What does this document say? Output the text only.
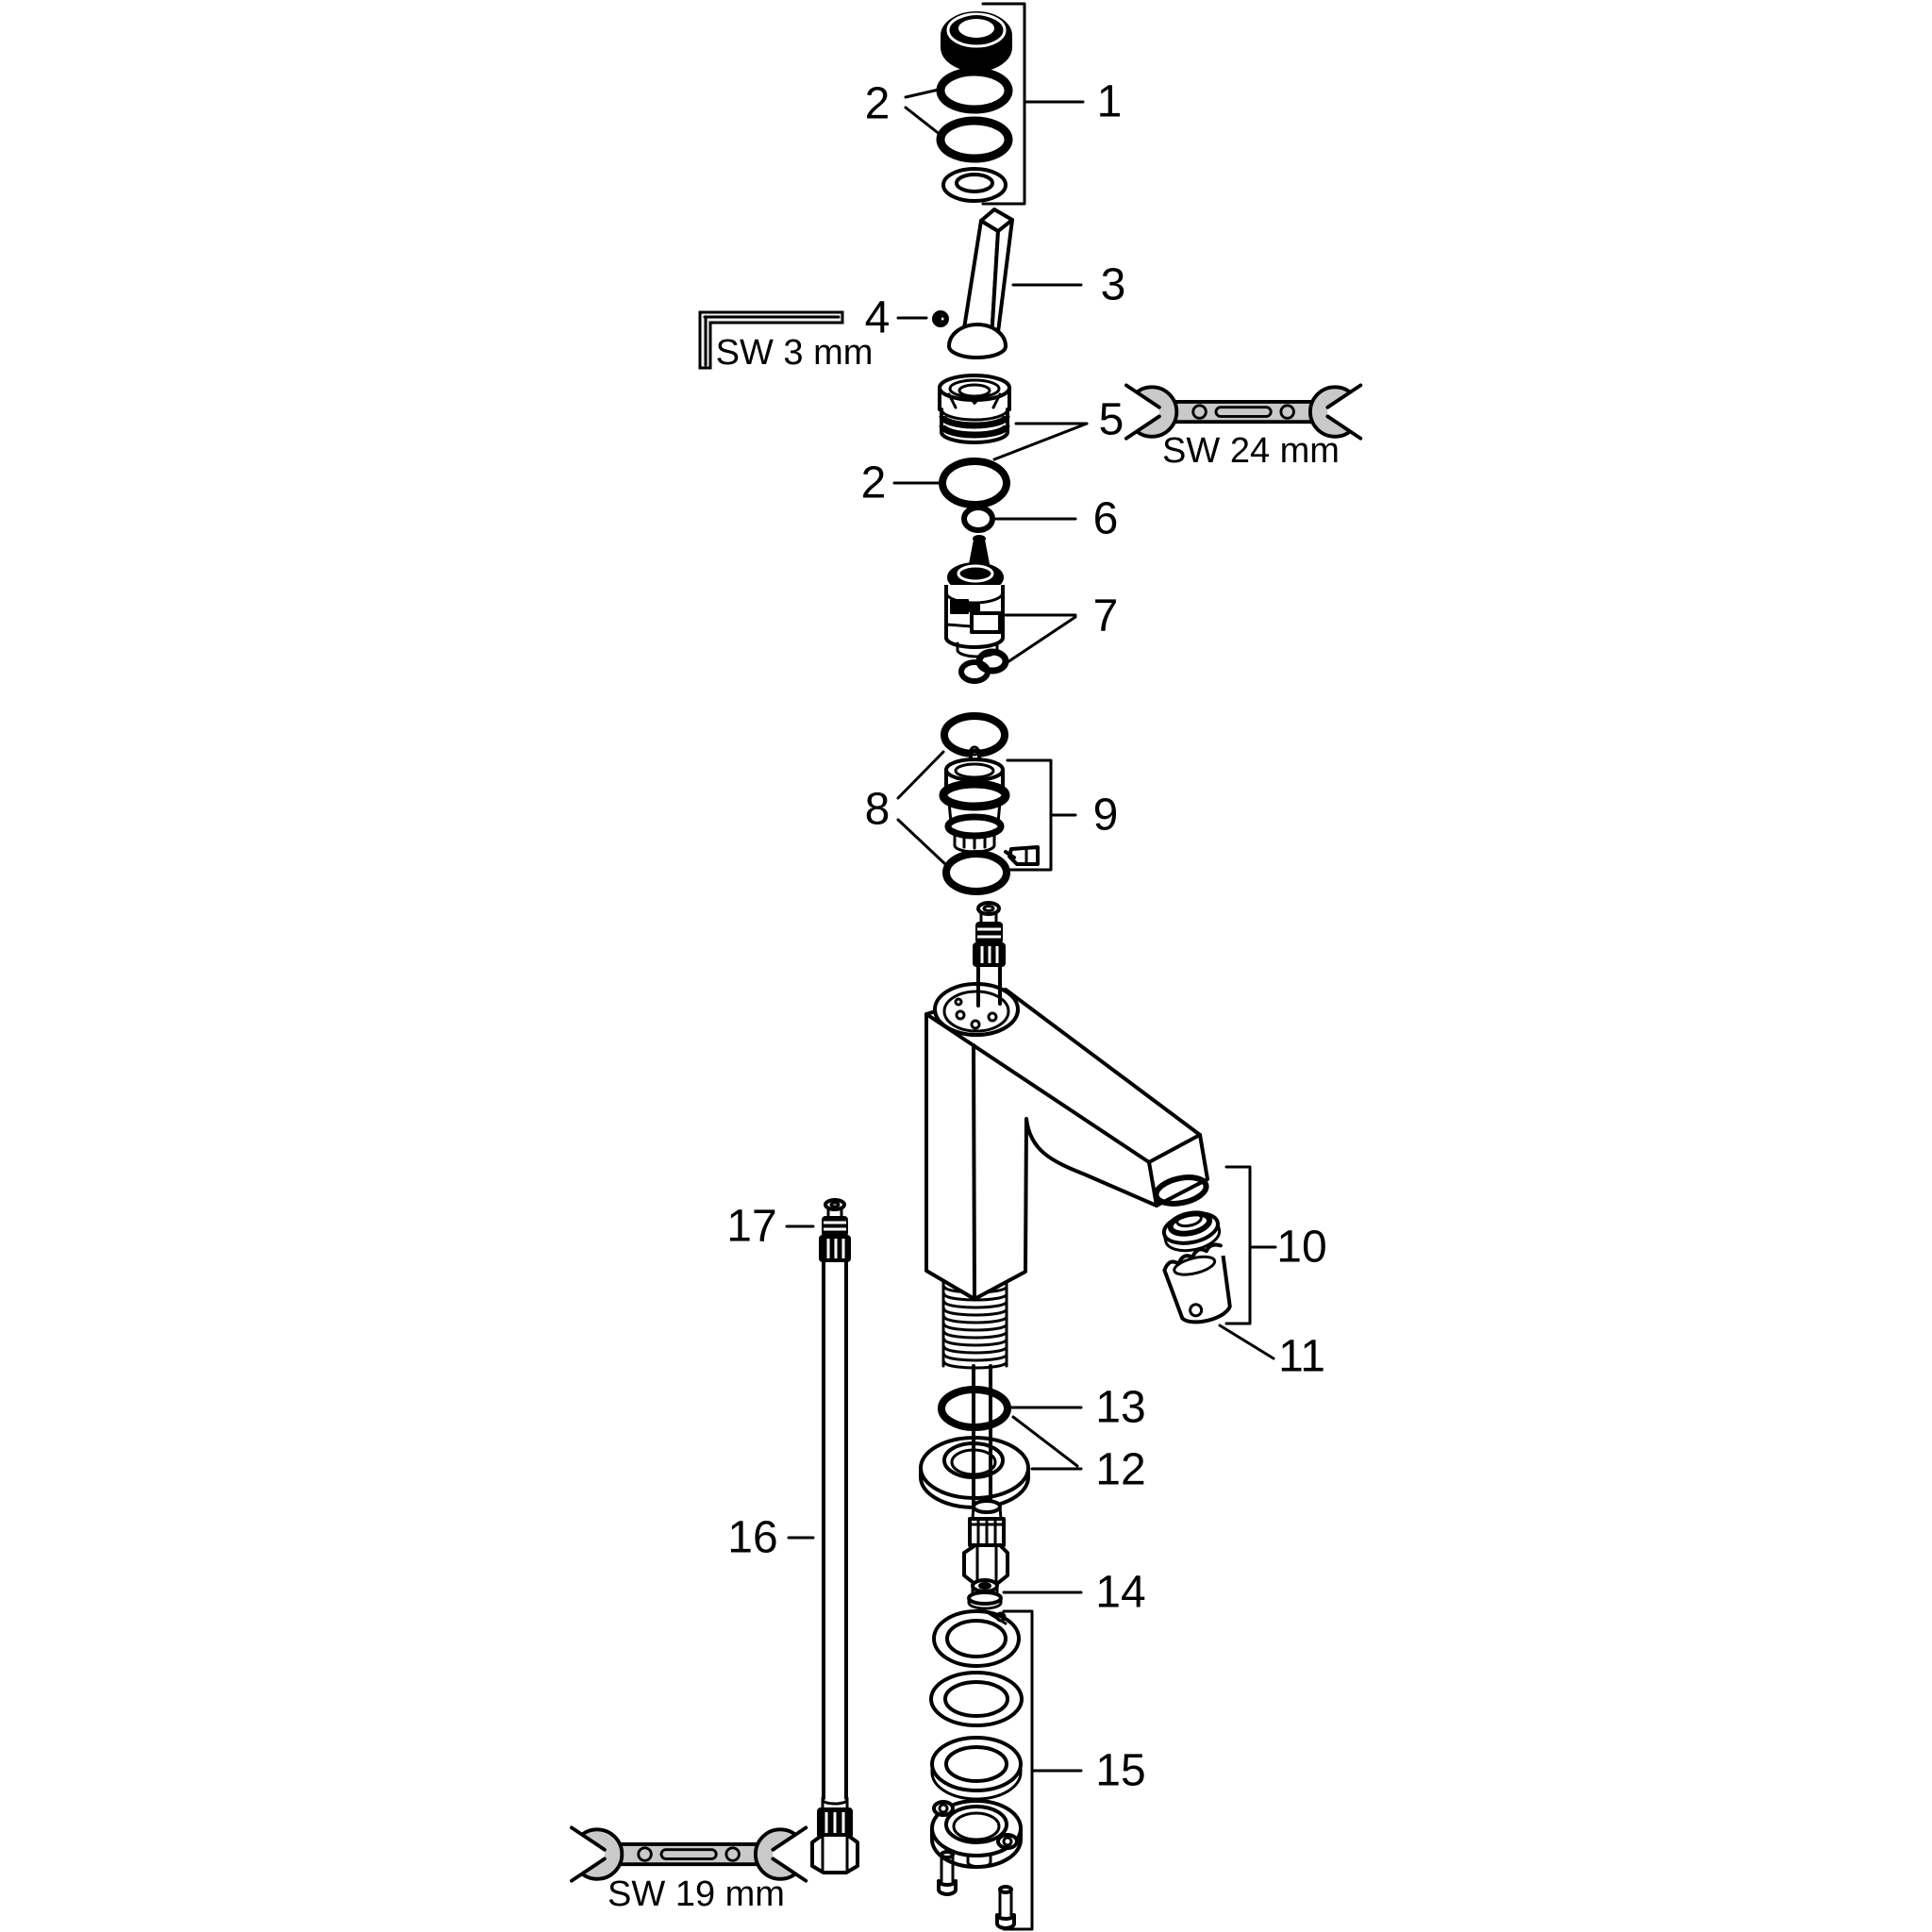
1
2
3
SW 3 mm
4
SW 24 mm
5
2
6
7
8	9
10
11
17
16
13
12
14
15
SW 19 mm
